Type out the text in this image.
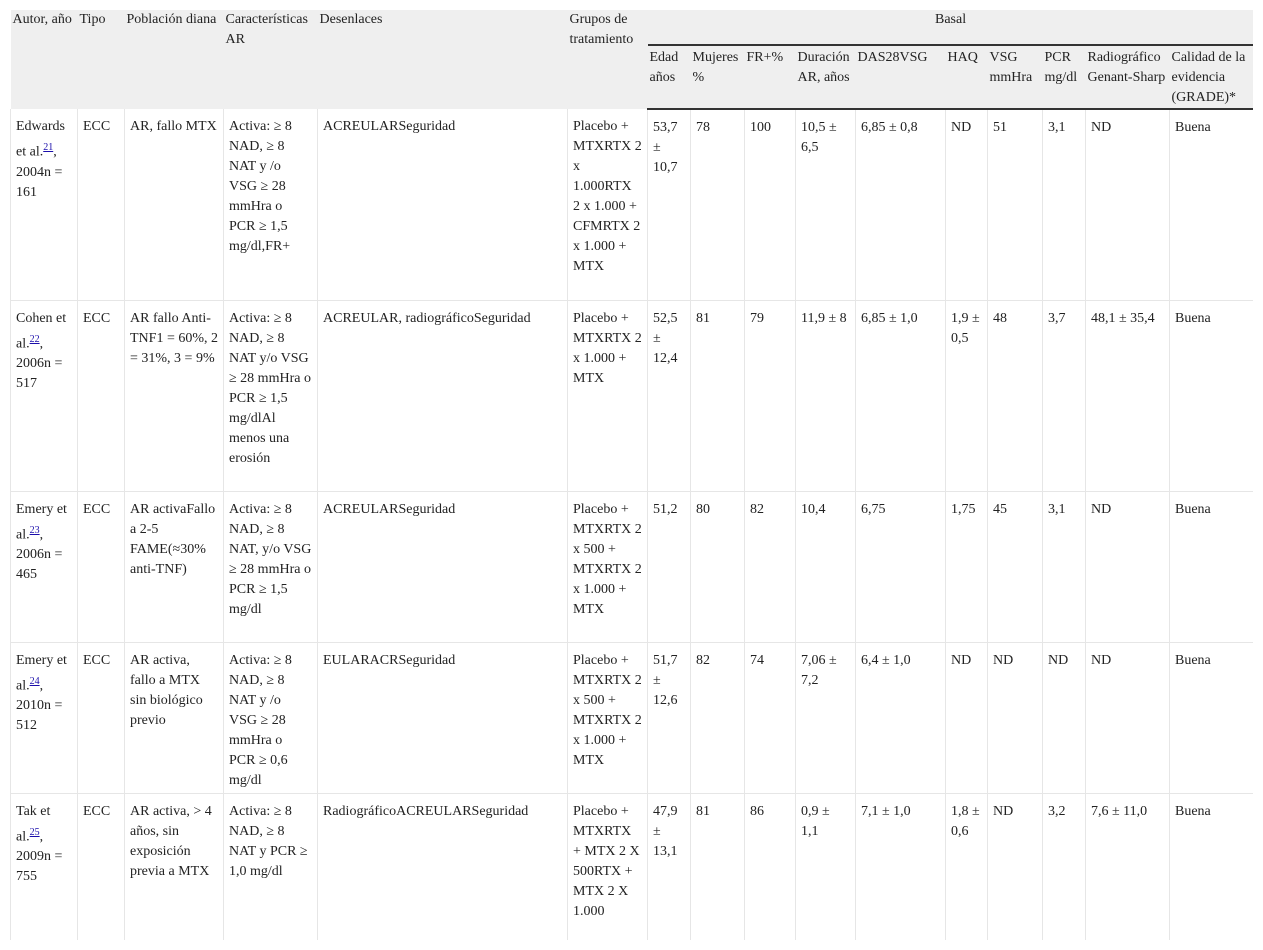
Autor, año	Tipo	Población diana	Características AR	Desenlaces	Grupos de tratamiento	Basal									
						Edad años	Mujeres %	FR+%	Duración AR, años	DAS28VSG	HAQ	VSG mmHra	PCR mg/dl	Radiográfico Genant-Sharp	Calidad de la evidencia (GRADE)*
Edwards et al.$^{21}$, 2004n = 161	ECC	AR, fallo MTX	Activa: ≥ 8 NAD, ≥ 8 NAT y /o VSG ≥ 28 mmHra o PCR ≥ 1,5 mg/dl,FR+	ACREULARSeguridad	Placebo + MTXRTX 2 x 1.000RTX 2 x 1.000 + CFMRTX 2 x 1.000 + MTX	53,7 ± 10,7	78	100	10,5 ± 6,5	6,85 ± 0,8	ND	51	3,1	ND	Buena
Cohen et al.$^{22}$, 2006n = 517	ECC	AR fallo Anti-TNF1 = 60%, 2 = 31%, 3 = 9%	Activa: ≥ 8 NAD, ≥ 8 NAT y/o VSG ≥ 28 mmHra o PCR ≥ 1,5 mg/dlAl menos una erosión	ACREULAR, radiográficoSeguridad	Placebo + MTXRTX 2 x 1.000 + MTX	52,5 ± 12,4	81	79	11,9 ± 8	6,85 ± 1,0	1,9 ± 0,5	48	3,7	48,1 ± 35,4	Buena
Emery et al.$^{23}$, 2006n = 465	ECC	AR activaFallo a 2-5 FAME(≈30% anti-TNF)	Activa: ≥ 8 NAD, ≥ 8 NAT, y/o VSG ≥ 28 mmHra o PCR ≥ 1,5 mg/dl	ACREULARSeguridad	Placebo + MTXRTX 2 x 500 + MTXRTX 2 x 1.000 + MTX	51,2	80	82	10,4	6,75	1,75	45	3,1	ND	Buena
Emery et al.$^{24}$, 2010n = 512	ECC	AR activa, fallo a MTX sin biológico previo	Activa: ≥ 8 NAD, ≥ 8 NAT y /o VSG ≥ 28 mmHra o PCR ≥ 0,6 mg/dl	EULARACRSeguridad	Placebo + MTXRTX 2 x 500 + MTXRTX 2 x 1.000 + MTX	51,7 ± 12,6	82	74	7,06 ± 7,2	6,4 ± 1,0	ND	ND	ND	ND	Buena
Tak et al.$^{25}$, 2009n = 755	ECC	AR activa, > 4 años, sin exposición previa a MTX	Activa: ≥ 8 NAD, ≥ 8 NAT y PCR ≥ 1,0 mg/dl	RadiográficoACREULARSeguridad	Placebo + MTXRTX + MTX 2 X 500RTX + MTX 2 X 1.000	47,9 ± 13,1	81	86	0,9 ± 1,1	7,1 ± 1,0	1,8 ± 0,6	ND	3,2	7,6 ± 11,0	Buena
